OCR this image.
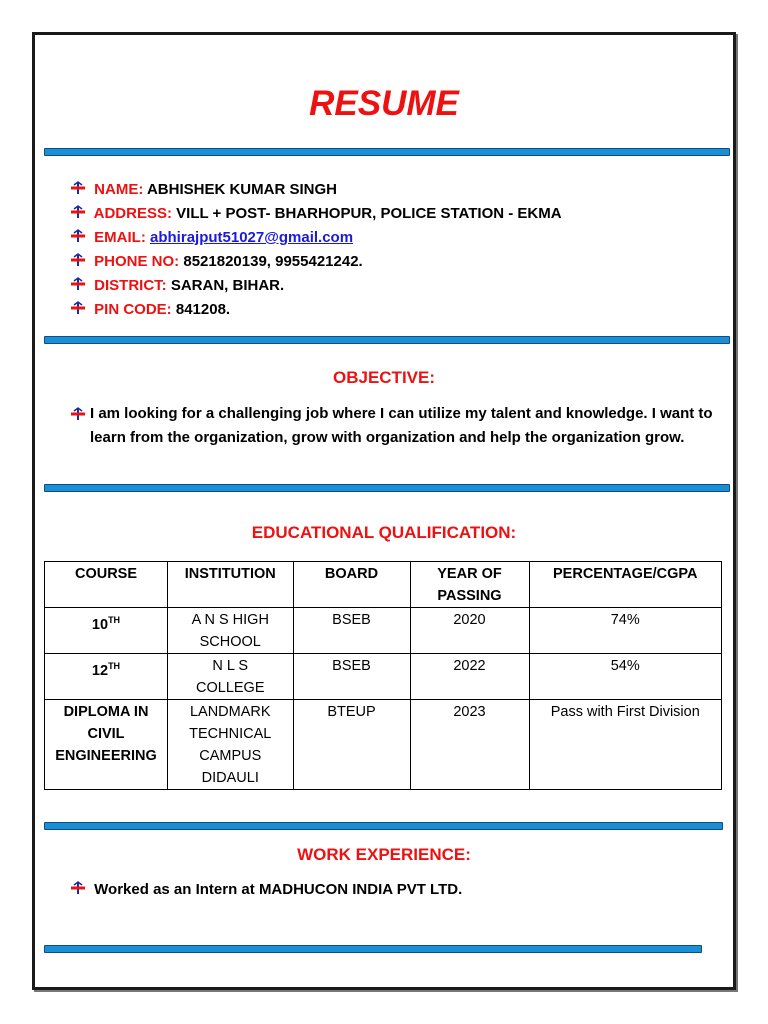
RESUME
NAME: ABHISHEK KUMAR SINGH
ADDRESS: VILL + POST- BHARHOPUR, POLICE STATION - EKMA
EMAIL: abhirajput51027@gmail.com
PHONE NO: 8521820139, 9955421242.
DISTRICT: SARAN, BIHAR.
PIN CODE: 841208.
OBJECTIVE:

I am looking for a challenging job where I can utilize my talent and knowledge. I want to learn from the organization, grow with organization and help the organization grow.

EDUCATIONAL QUALIFICATION:
COURSE	INSTITUTION	BOARD	YEAR OF PASSING	PERCENTAGE/CGPA
10TH	A N S HIGH SCHOOL	BSEB	2020	74%
12TH	N L S COLLEGE	BSEB	2022	54%
DIPLOMA IN CIVIL ENGINEERING	LANDMARK TECHNICAL CAMPUS DIDAULI	BTEUP	2023	Pass with First Division
WORK EXPERIENCE:

Worked as an Intern at MADHUCON INDIA PVT LTD.
